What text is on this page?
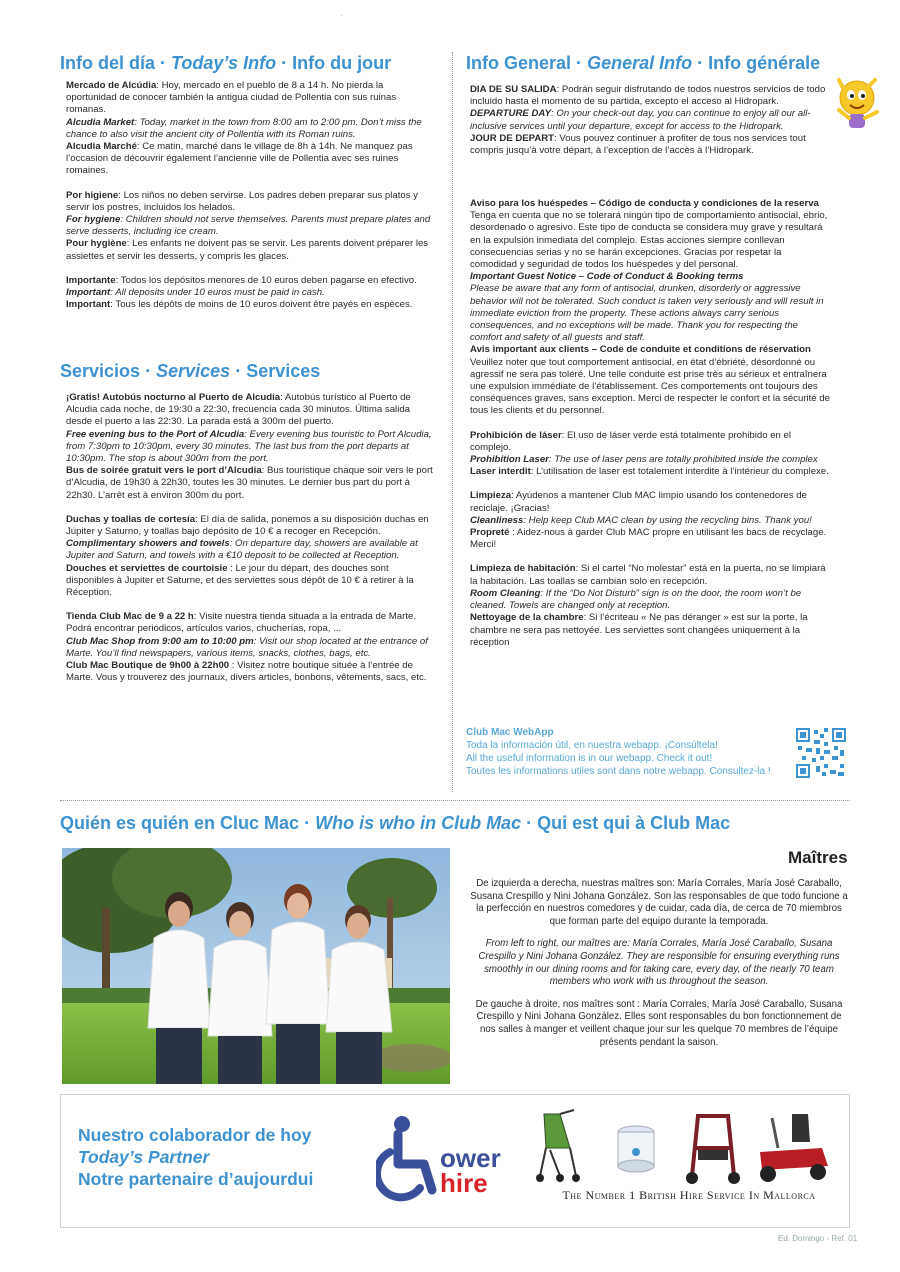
·
Info del día · Today’s Info · Info du jour

Mercado de Alcúdia: Hoy, mercado en el pueblo de 8 a 14 h. No pierda la oportunidad de conocer también la antigua ciudad de Pollentia con sus ruinas romanas.

Alcudia Market: Today, market in the town from 8:00 am to 2:00 pm. Don’t miss the chance to also visit the ancient city of Pollentia with its Roman ruins.

Alcudia Marché: Ce matin, marché dans le village de 8h à 14h. Ne manquez pas l’occasion de découvrir également l’ancienne ville de Pollentia avec ses ruines romaines.

Por higiene: Los niños no deben servirse. Los padres deben preparar sus platos y servir los postres, incluidos los helados.

For hygiene: Children should not serve themselves. Parents must prepare plates and serve desserts, including ice cream.

Pour hygiène: Les enfants ne doivent pas se servir. Les parents doivent préparer les assiettes et servir les desserts, y compris les glaces.

Importante: Todos los depósitos menores de 10 euros deben pagarse en efectivo.

Important: All deposits under 10 euros must be paid in cash.

Important: Tous les dépôts de moins de 10 euros doivent être payés en espèces.

Servicios · Services · Services

¡Gratis! Autobús nocturno al Puerto de Alcudia: Autobús turístico al Puerto de Alcudia cada noche, de 19:30 a 22:30, frecuencia cada 30 minutos. Última salida desde el puerto a las 22:30. La parada está a 300m del puerto.

Free evening bus to the Port of Alcudia: Every evening bus touristic to Port Alcudia, from 7:30pm to 10:30pm, every 30 minutes. The last bus from the port departs at 10:30pm. The stop is about 300m from the port.

Bus de soirée gratuit vers le port d’Alcudia: Bus touristique chaque soir vers le port d’Alcudia, de 19h30 à 22h30, toutes les 30 minutes. Le dernier bus part du port à 22h30. L’arrêt est à environ 300m du port.

Duchas y toallas de cortesía: El día de salida, ponemos a su disposición duchas en Júpiter y Saturno, y toallas bajo depósito de 10 € a recoger en Recepción.

Complimentary showers and towels: On departure day, showers are available at Jupiter and Saturn, and towels with a €10 deposit to be collected at Reception.

Douches et serviettes de courtoisie : Le jour du départ, des douches sont disponibles à Jupiter et Saturne, et des serviettes sous dépôt de 10 € à retirer à la Réception.

Tienda Club Mac de 9 a 22 h: Visite nuestra tienda situada a la entrada de Marte. Podrá encontrar periódicos, artículos varios, chucherías, ropa, ...

Club Mac Shop from 9:00 am to 10:00 pm: Visit our shop located at the entrance of Marte. You’ll find newspapers, various items, snacks, clothes, bags, etc.

Club Mac Boutique de 9h00 à 22h00 : Visitez notre boutique située à l’entrée de Marte. Vous y trouverez des journaux, divers articles, bonbons, vêtements, sacs, etc.

Info General · General Info · Info générale

DIA DE SU SALIDA: Podrán seguir disfrutando de todos nuestros servicios de todo incluido hasta el momento de su partida, excepto el acceso al Hidropark.

DEPARTURE DAY: On your check-out day, you can continue to enjoy all our all-inclusive services until your departure, except for access to the Hidropark.

JOUR DE DEPART: Vous pouvez continuer à profiter de tous nos services tout compris jusqu’à votre départ, à l’exception de l’accès à l’Hidropark.

Aviso para los huéspedes – Código de conducta y condiciones de la reserva

Tenga en cuenta que no se tolerará ningún tipo de comportamiento antisocial, ebrio, desordenado o agresivo. Este tipo de conducta se considera muy grave y resultará en la expulsión inmediata del complejo. Estas acciones siempre conllevan consecuencias serias y no se harán excepciones. Gracias por respetar la comodidad y seguridad de todos los huéspedes y del personal.

Important Guest Notice – Code of Conduct & Booking terms

Please be aware that any form of antisocial, drunken, disorderly or aggressive behavior will not be tolerated. Such conduct is taken very seriously and will result in immediate eviction from the property. These actions always carry serious consequences, and no exceptions will be made. Thank you for respecting the comfort and safety of all guests and staff.

Avis important aux clients – Code de conduite et conditions de réservation

Veuillez noter que tout comportement antisocial, en état d’ébriété, désordonné ou agressif ne sera pas toléré. Une telle conduite est prise très au sérieux et entraînera une expulsion immédiate de l’établissement. Ces comportements ont toujours des conséquences graves, sans exception. Merci de respecter le confort et la sécurité de tous les clients et du personnel.

Prohibición de láser: El uso de láser verde está totalmente prohibido en el complejo.

Prohibition Laser: The use of laser pens are totally prohibited inside the complex

Laser interdit: L’utilisation de laser est totalement interdite à l’intérieur du complexe.

Limpieza: Ayúdenos a mantener Club MAC limpio usando los contenedores de reciclaje. ¡Gracias!

Cleanliness: Help keep Club MAC clean by using the recycling bins. Thank you!

Propreté : Aidez-nous à garder Club MAC propre en utilisant les bacs de recyclage. Merci!

Limpieza de habitación: Si el cartel “No molestar” está en la puerta, no se limpiará la habitación. Las toallas se cambian solo en recepción.

Room Cleaning: If the “Do Not Disturb” sign is on the door, the room won’t be cleaned. Towels are changed only at reception.

Nettoyage de la chambre: Si l’écriteau « Ne pas déranger » est sur la porte, la chambre ne sera pas nettoyée. Les serviettes sont changées uniquement à la réception

Club Mac WebApp

Toda la información útil, en nuestra webapp. ¡Consúltela!

All the useful information is in our webapp. Check it out!

Toutes les informations utiles sont dans notre webapp. Consultez-la !

Quién es quién en Cluc Mac · Who is who in Club Mac · Qui est qui à Club Mac
Maîtres

De izquierda a derecha, nuestras maîtres son: María Corrales, María José Caraballo, Susana Crespillo y Nini Johana González. Son las responsables de que todo funcione a la perfección en nuestros comedores y de cuidar, cada día, de cerca de 70 miembros que forman parte del equipo durante la temporada.

From left to right, our maîtres are: María Corrales, María José Caraballo, Susana Crespillo y Nini Johana González. They are responsible for ensuring everything runs smoothly in our dining rooms and for taking care, every day, of the nearly 70 team members who work with us throughout the season.

De gauche à droite, nos maîtres sont : María Corrales, María José Caraballo, Susana Crespillo y Nini Johana González. Elles sont responsables du bon fonctionnement de nos salles à manger et veillent chaque jour sur les quelque 70 membres de l’équipe présents pendant la saison.

Nuestro colaborador de hoy
Today’s Partner
Notre partenaire d’aujourdui
ower
hire	The Number 1 British Hire Service In Mallorca
Ed. Domingo - Ref. 01
